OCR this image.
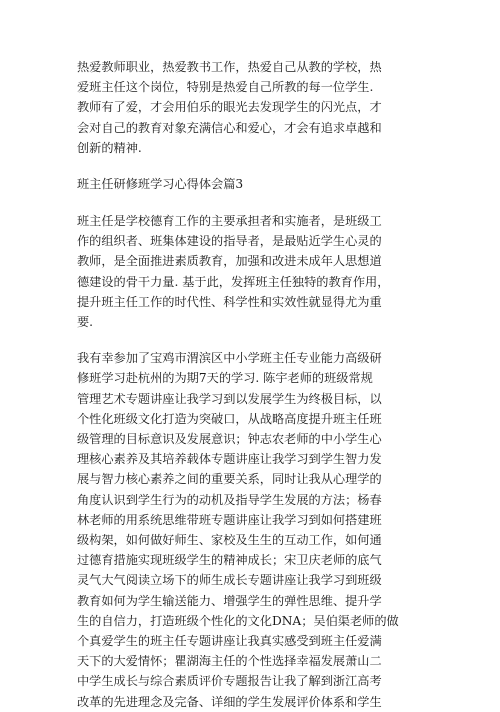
热爱教师职业，热爱教书工作，热爱自己从教的学校，热
爱班主任这个岗位，特别是热爱自己所教的每一位学生.
教师有了爱，才会用伯乐的眼光去发现学生的闪光点，才
会对自己的教育对象充满信心和爱心，才会有追求卓越和
创新的精神.

班主任研修班学习心得体会篇3

班主任是学校德育工作的主要承担者和实施者，是班级工
作的组织者、班集体建设的指导者，是最贴近学生心灵的
教师，是全面推进素质教育，加强和改进未成年人思想道
德建设的骨干力量. 基于此，发挥班主任独特的教育作用，
提升班主任工作的时代性、科学性和实效性就显得尤为重
要.

我有幸参加了宝鸡市渭滨区中小学班主任专业能力高级研
修班学习赴杭州的为期7天的学习. 陈宇老师的班级常规
管理艺术专题讲座让我学习到以发展学生为终极目标，以
个性化班级文化打造为突破口，从战略高度提升班主任班
级管理的目标意识及发展意识；钟志农老师的中小学生心
理核心素养及其培养载体专题讲座让我学习到学生智力发
展与智力核心素养之间的重要关系，同时让我从心理学的
角度认识到学生行为的动机及指导学生发展的方法；杨春
林老师的用系统思维带班专题讲座让我学习到如何搭建班
级构架，如何做好师生、家校及生生的互动工作，如何通
过德育措施实现班级学生的精神成长；宋卫庆老师的底气
灵气大气阅读立场下的师生成长专题讲座让我学习到班级
教育如何为学生输送能力、增强学生的弹性思维、提升学
生的自信力，打造班级个性化的文化DNA；吴伯渠老师的做
个真爱学生的班主任专题讲座让我真实感受到班主任爱满
天下的大爱情怀；瞿湖海主任的个性选择幸福发展萧山二
中学生成长与综合素质评价专题报告让我了解到浙江高考
改革的先进理念及完备、详细的学生发展评价体系和学生
